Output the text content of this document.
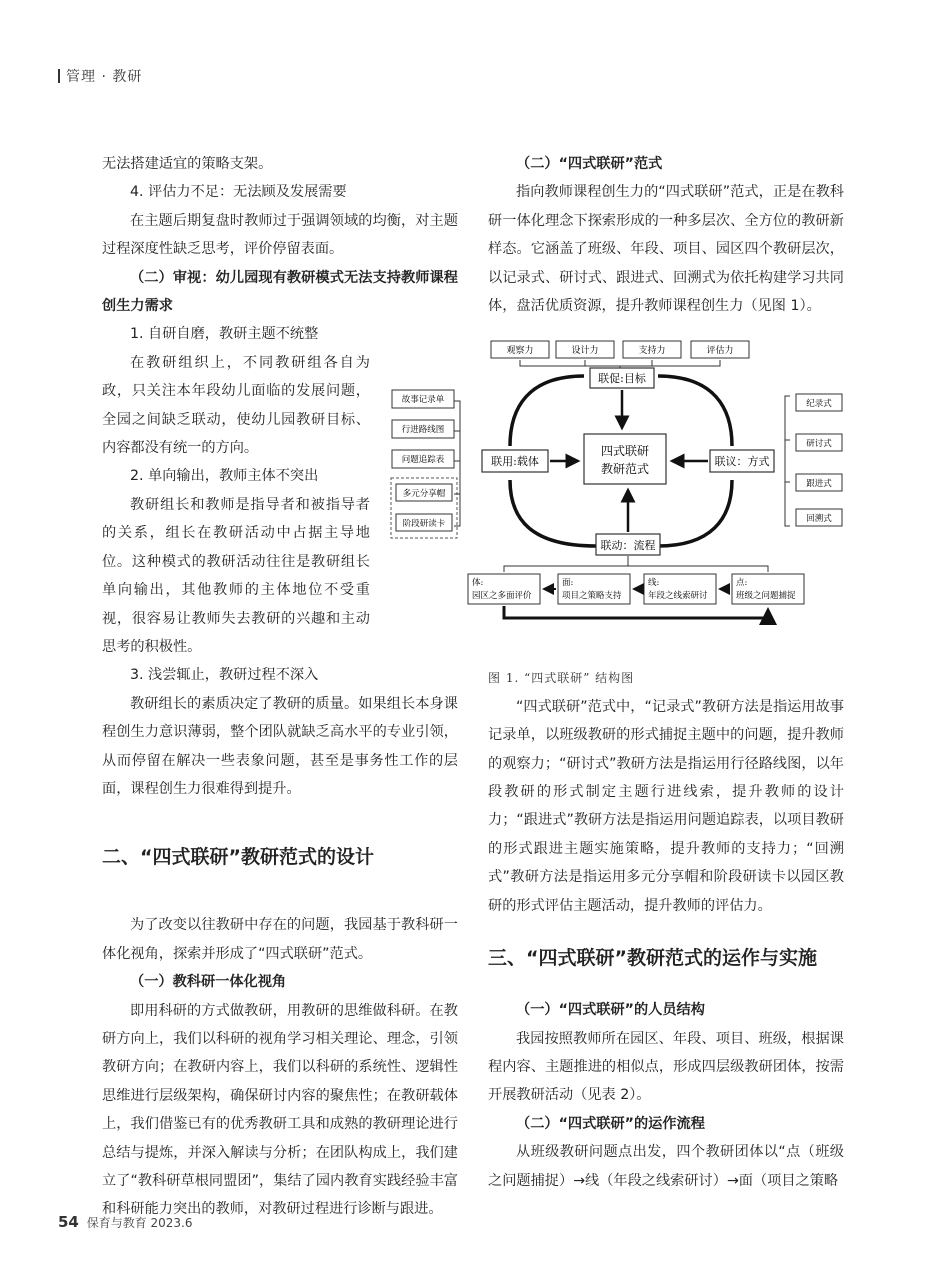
管理 · 教研

无法搭建适宜的策略支架。

4. 评估力不足：无法顾及发展需要

在主题后期复盘时教师过于强调领域的均衡，对主题过程深度性缺乏思考，评价停留表面。

（二）审视：幼儿园现有教研模式无法支持教师课程创生力需求

1. 自研自磨，教研主题不统整

在教研组织上，不同教研组各自为政，只关注本年段幼儿面临的发展问题，全园之间缺乏联动，使幼儿园教研目标、内容都没有统一的方向。

2. 单向输出，教师主体不突出

教研组长和教师是指导者和被指导者的关系，组长在教研活动中占据主导地位。这种模式的教研活动往往是教研组长单向输出，其他教师的主体地位不受重视，很容易让教师失去教研的兴趣和主动思考的积极性。

3. 浅尝辄止，教研过程不深入

教研组长的素质决定了教研的质量。如果组长本身课程创生力意识薄弱，整个团队就缺乏高水平的专业引领，从而停留在解决一些表象问题，甚至是事务性工作的层面，课程创生力很难得到提升。

二、“四式联研”教研范式的设计

为了改变以往教研中存在的问题，我园基于教科研一体化视角，探索并形成了“四式联研”范式。

（一）教科研一体化视角

即用科研的方式做教研，用教研的思维做科研。在教研方向上，我们以科研的视角学习相关理论、理念，引领教研方向；在教研内容上，我们以科研的系统性、逻辑性思维进行层级架构，确保研讨内容的聚焦性；在教研载体上，我们借鉴已有的优秀教研工具和成熟的教研理论进行总结与提炼，并深入解读与分析；在团队构成上，我们建立了“教科研草根同盟团”，集结了园内教育实践经验丰富和科研能力突出的教师，对教研过程进行诊断与跟进。

（二）“四式联研”范式

指向教师课程创生力的“四式联研”范式，正是在教科研一体化理念下探索形成的一种多层次、全方位的教研新样态。它涵盖了班级、年段、项目、园区四个教研层次，以记录式、研讨式、跟进式、回溯式为依托构建学习共同体，盘活优质资源，提升教师课程创生力（见图 1）。

观察力	设计力	支持力	评估力
四式联研
教研范式
联促:目标
联用:载体	联议：方式
联动：流程
体:
园区之多面评价
面:
项目之策略支持
线:
年段之线索研讨
点:
班级之问题捕捉

图 1. “四式联研” 结构图

“四式联研”范式中，“记录式”教研方法是指运用故事记录单，以班级教研的形式捕捉主题中的问题，提升教师的观察力；“研讨式”教研方法是指运用行径路线图，以年段教研的形式制定主题行进线索，提升教师的设计力；“跟进式”教研方法是指运用问题追踪表，以项目教研的形式跟进主题实施策略，提升教师的支持力；“回溯式”教研方法是指运用多元分享帽和阶段研读卡以园区教研的形式评估主题活动，提升教师的评估力。

三、“四式联研”教研范式的运作与实施

（一）“四式联研”的人员结构

我园按照教师所在园区、年段、项目、班级，根据课程内容、主题推进的相似点，形成四层级教研团体，按需开展教研活动（见表 2）。

（二）“四式联研”的运作流程

从班级教研问题点出发，四个教研团体以“点（班级之问题捕捉）→线（年段之线索研讨）→面（项目之策略

故事记录单
行进路线图
问题追踪表
多元分享帽
阶段研读卡
纪录式
研讨式
跟进式
回溯式
54 保育与教育 2023.6
